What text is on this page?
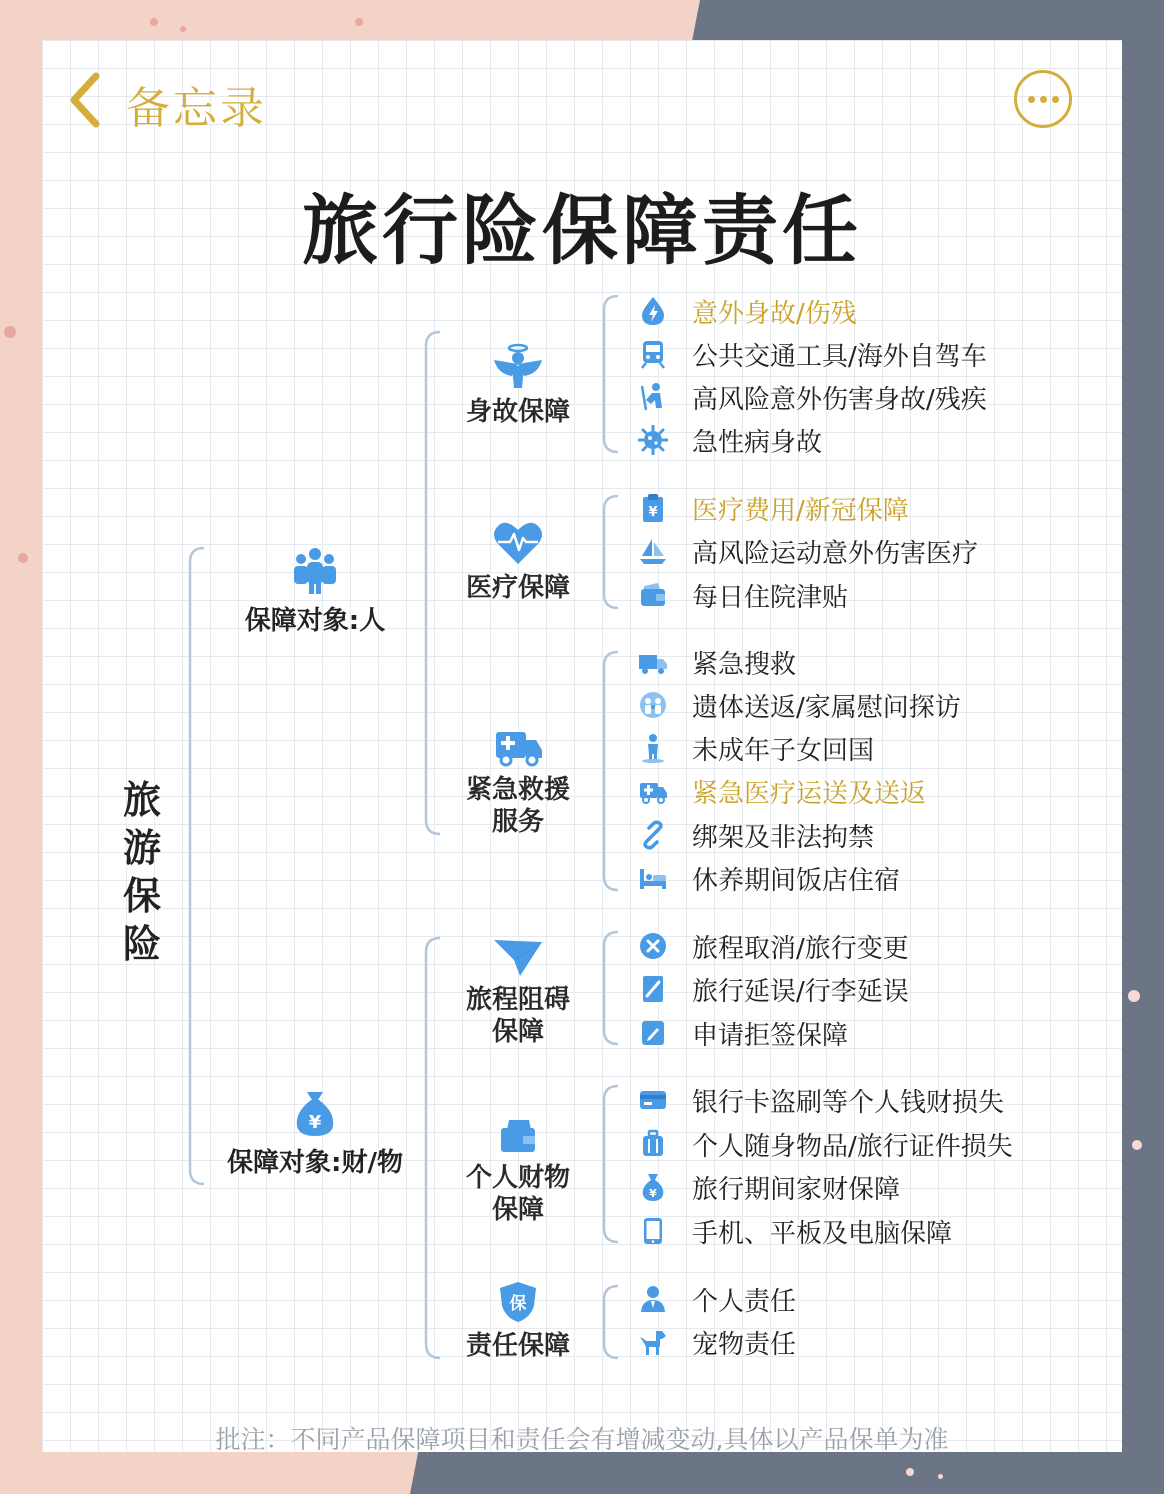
备忘录
旅行险保障责任
旅
游
保
险
保障对象:人
¥
保障对象:财/物
身故保障
医疗保障
紧急救援
服务
旅程阻碍
保障
个人财物
保障
保
责任保障
意外身故/伤残
公共交通工具/海外自驾车
高风险意外伤害身故/残疾
急性病身故
¥ 医疗费用/新冠保障
高风险运动意外伤害医疗
每日住院津贴
紧急搜救
遗体送返/家属慰问探访
未成年子女回国
紧急医疗运送及送返
绑架及非法拘禁
休养期间饭店住宿
旅程取消/旅行变更
旅行延误/行李延误
申请拒签保障
银行卡盗刷等个人钱财损失
个人随身物品/旅行证件损失
¥ 旅行期间家财保障
手机、平板及电脑保障
个人责任
宠物责任
批注：不同产品保障项目和责任会有增减变动,具体以产品保单为准
